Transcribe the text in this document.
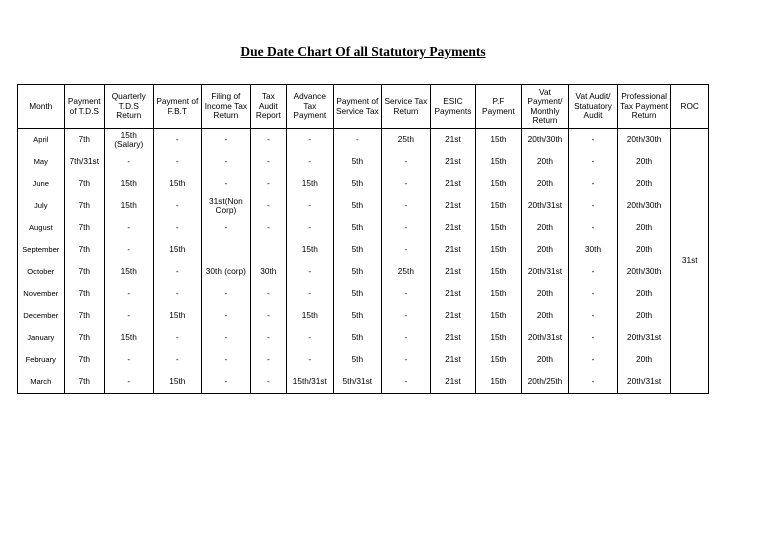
Due Date Chart Of all Statutory Payments
Month	Payment of T.D.S	Quarterly T.D.S Return	Payment of F.B.T	Filing of Income Tax Return	Tax Audit Report	Advance Tax Payment	Payment of Service Tax	Service Tax Return	ESIC Payments	P.F Payment	Vat Payment/ Monthly Return	Vat Audit/ Statuatory Audit	Professional Tax Payment Return	ROC
April	7th	15th (Salary)	-	-	-	-	-	25th	21st	15th	20th/30th	-	20th/30th	31st
May	7th/31st	-	-	-	-	-	5th	-	21st	15th	20th	-	20th	
June	7th	15th	15th	-	-	15th	5th	-	21st	15th	20th	-	20th	
July	7th	15th	-	31st(Non Corp)	-	-	5th	-	21st	15th	20th/31st	-	20th/30th	
August	7th	-	-	-	-	-	5th	-	21st	15th	20th	-	20th	
September	7th	-	15th			15th	5th	-	21st	15th	20th	30th	20th	
October	7th	15th	-	30th (corp)	30th	-	5th	25th	21st	15th	20th/31st	-	20th/30th	
November	7th	-	-	-	-	-	5th	-	21st	15th	20th	-	20th	
December	7th	-	15th	-	-	15th	5th	-	21st	15th	20th	-	20th	
January	7th	15th	-	-	-	-	5th	-	21st	15th	20th/31st	-	20th/31st	
February	7th	-	-	-	-	-	5th	-	21st	15th	20th	-	20th	
March	7th	-	15th	-	-	15th/31st	5th/31st	-	21st	15th	20th/25th	-	20th/31st	
